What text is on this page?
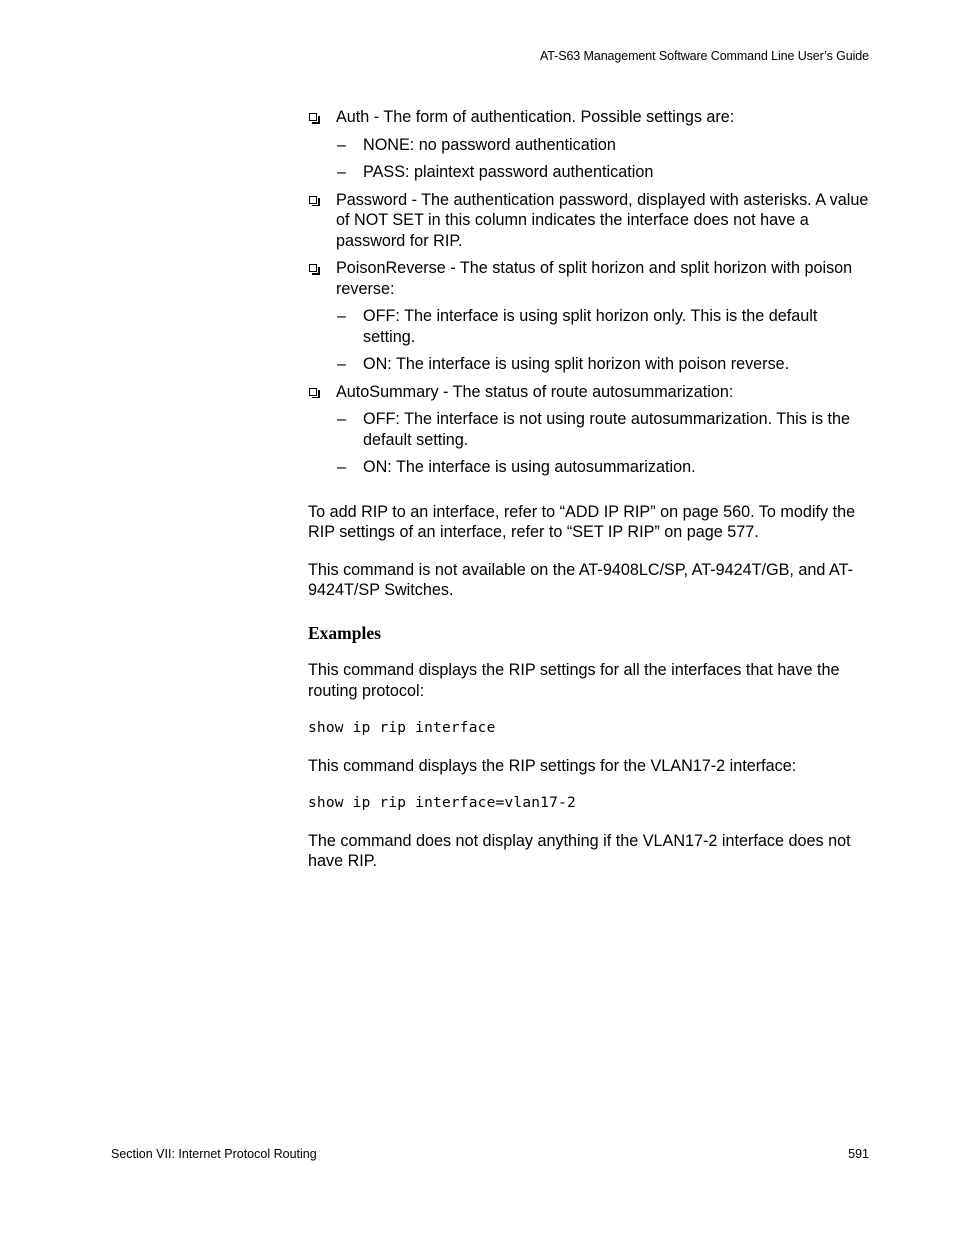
AT-S63 Management Software Command Line User’s Guide
Auth - The form of authentication. Possible settings are:
– NONE: no password authentication
– PASS: plaintext password authentication
Password - The authentication password, displayed with asterisks. A value of NOT SET in this column indicates the interface does not have a password for RIP.
PoisonReverse - The status of split horizon and split horizon with poison reverse:
– OFF: The interface is using split horizon only. This is the default setting.
– ON: The interface is using split horizon with poison reverse.
AutoSummary - The status of route autosummarization:
– OFF: The interface is not using route autosummarization. This is the default setting.
– ON: The interface is using autosummarization.

To add RIP to an interface, refer to “ADD IP RIP” on page 560. To modify the RIP settings of an interface, refer to “SET IP RIP” on page 577.

This command is not available on the AT-9408LC/SP, AT-9424T/GB, and AT-9424T/SP Switches.

Examples

This command displays the RIP settings for all the interfaces that have the routing protocol:

show ip rip interface

This command displays the RIP settings for the VLAN17-2 interface:

show ip rip interface=vlan17-2

The command does not display anything if the VLAN17-2 interface does not have RIP.

Section VII: Internet Protocol Routing	591
